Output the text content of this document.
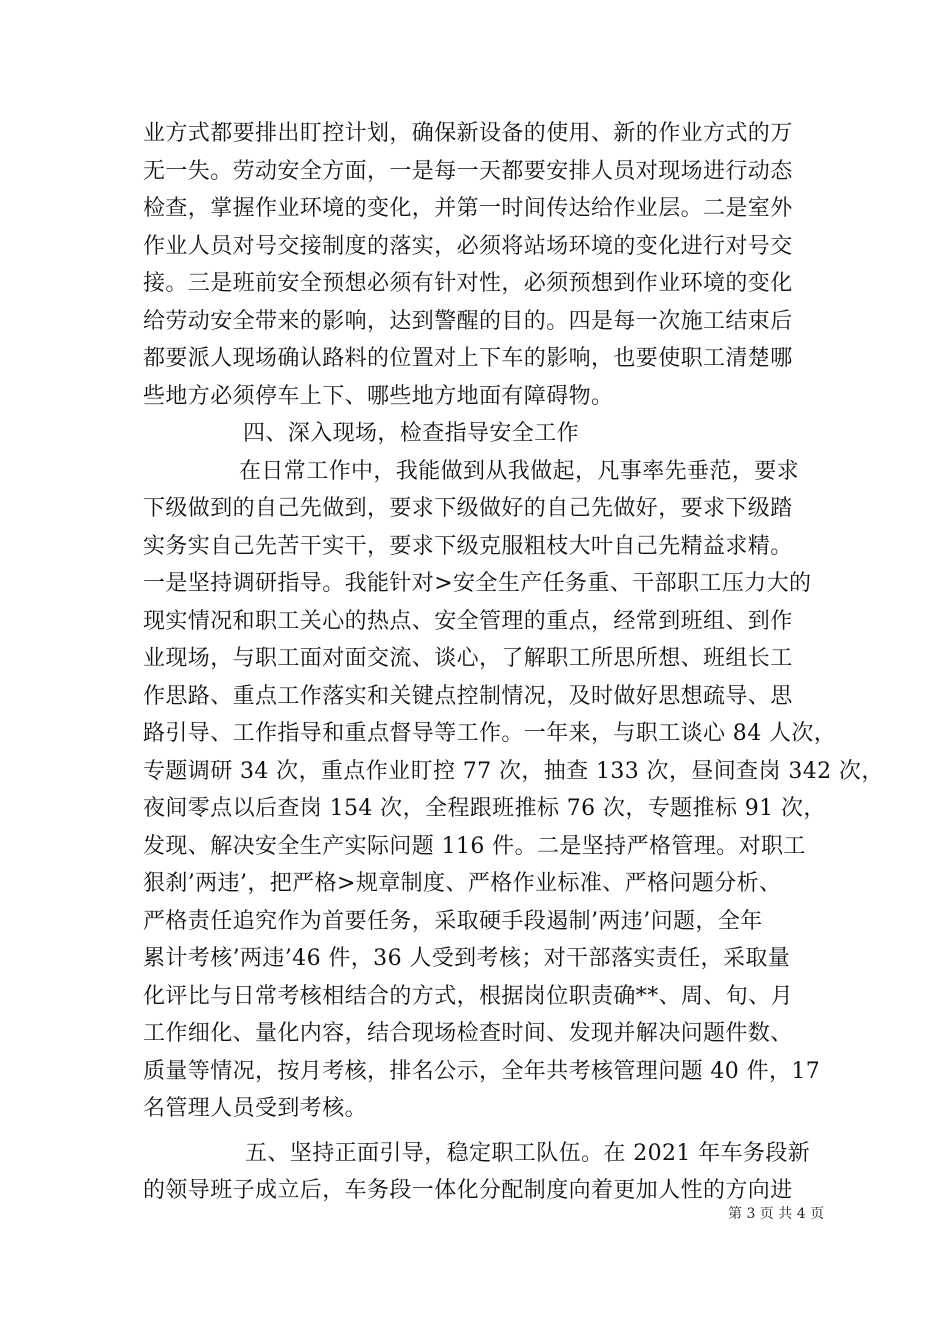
业方式都要排出盯控计划，确保新设备的使用、新的作业方式的万
无一失。劳动安全方面，一是每一天都要安排人员对现场进行动态
检查，掌握作业环境的变化，并第一时间传达给作业层。二是室外
作业人员对号交接制度的落实，必须将站场环境的变化进行对号交
接。三是班前安全预想必须有针对性，必须预想到作业环境的变化
给劳动安全带来的影响，达到警醒的目的。四是每一次施工结束后
都要派人现场确认路料的位置对上下车的影响，也要使职工清楚哪
些地方必须停车上下、哪些地方地面有障碍物。
四、深入现场，检查指导安全工作
在日常工作中，我能做到从我做起，凡事率先垂范，要求
下级做到的自己先做到，要求下级做好的自己先做好，要求下级踏
实务实自己先苦干实干，要求下级克服粗枝大叶自己先精益求精。
一是坚持调研指导。我能针对>安全生产任务重、干部职工压力大的
现实情况和职工关心的热点、安全管理的重点，经常到班组、到作
业现场，与职工面对面交流、谈心，了解职工所思所想、班组长工
作思路、重点工作落实和关键点控制情况，及时做好思想疏导、思
路引导、工作指导和重点督导等工作。一年来，与职工谈心 84 人次，
专题调研 34 次，重点作业盯控 77 次，抽查 133 次，昼间查岗 342 次，
夜间零点以后查岗 154 次，全程跟班推标 76 次，专题推标 91 次，
发现、解决安全生产实际问题 116 件。二是坚持严格管理。对职工
狠刹’两违’，把严格>规章制度、严格作业标准、严格问题分析、
严格责任追究作为首要任务，采取硬手段遏制’两违’问题，全年
累计考核’两违’46 件，36 人受到考核；对干部落实责任，采取量
化评比与日常考核相结合的方式，根据岗位职责确**、周、旬、月
工作细化、量化内容，结合现场检查时间、发现并解决问题件数、
质量等情况，按月考核，排名公示，全年共考核管理问题 40 件，17
名管理人员受到考核。
五、坚持正面引导，稳定职工队伍。在 2021 年车务段新
的领导班子成立后，车务段一体化分配制度向着更加人性的方向进
第 3 页 共 4 页
